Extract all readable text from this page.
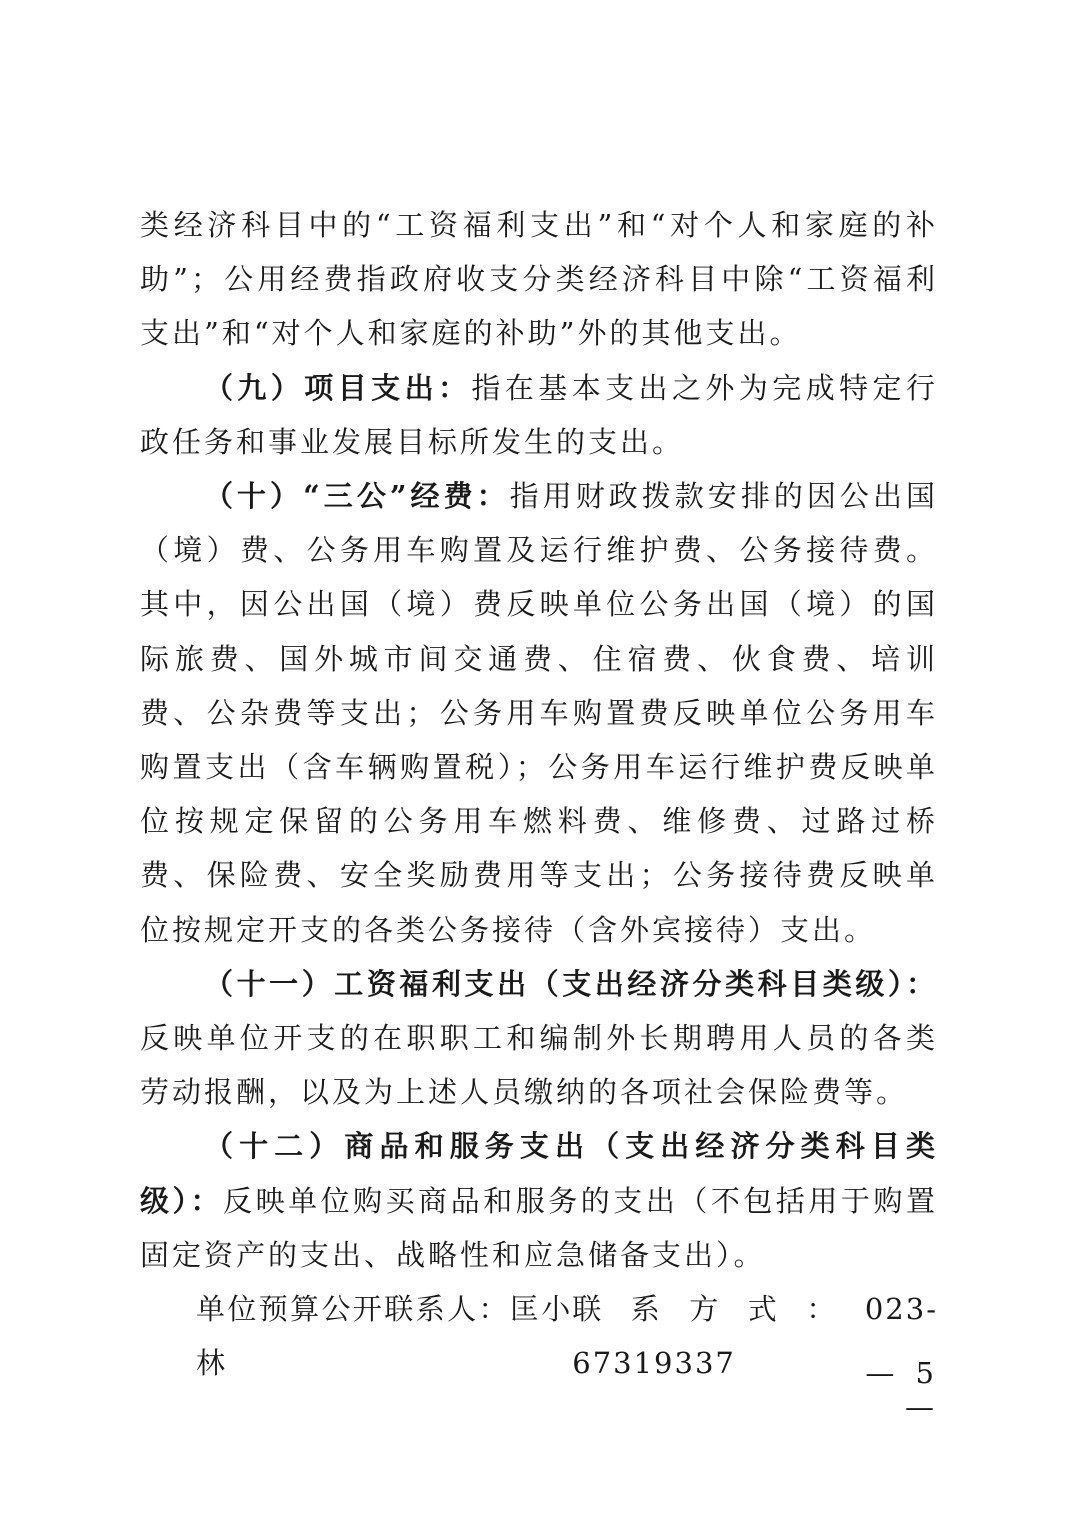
类经济科目中的“工资福利支出”和“对个人和家庭的补助”；公用经费指政府收支分类经济科目中除“工资福利支出”和“对个人和家庭的补助”外的其他支出。

（九）项目支出：指在基本支出之外为完成特定行政任务和事业发展目标所发生的支出。

（十）“三公”经费：指用财政拨款安排的因公出国（境）费、公务用车购置及运行维护费、公务接待费。其中，因公出国（境）费反映单位公务出国（境）的国际旅费、国外城市间交通费、住宿费、伙食费、培训费、公杂费等支出；公务用车购置费反映单位公务用车购置支出（含车辆购置税）；公务用车运行维护费反映单位按规定保留的公务用车燃料费、维修费、过路过桥费、保险费、安全奖励费用等支出；公务接待费反映单位按规定开支的各类公务接待（含外宾接待）支出。

（十一）工资福利支出（支出经济分类科目类级）：反映单位开支的在职职工和编制外长期聘用人员的各类劳动报酬，以及为上述人员缴纳的各项社会保险费等。

（十二）商品和服务支出（支出经济分类科目类级）：反映单位购买商品和服务的支出（不包括用于购置固定资产的支出、战略性和应急储备支出）。

单位预算公开联系人：匡小林
联系方式：023-67319337	— 5 —
